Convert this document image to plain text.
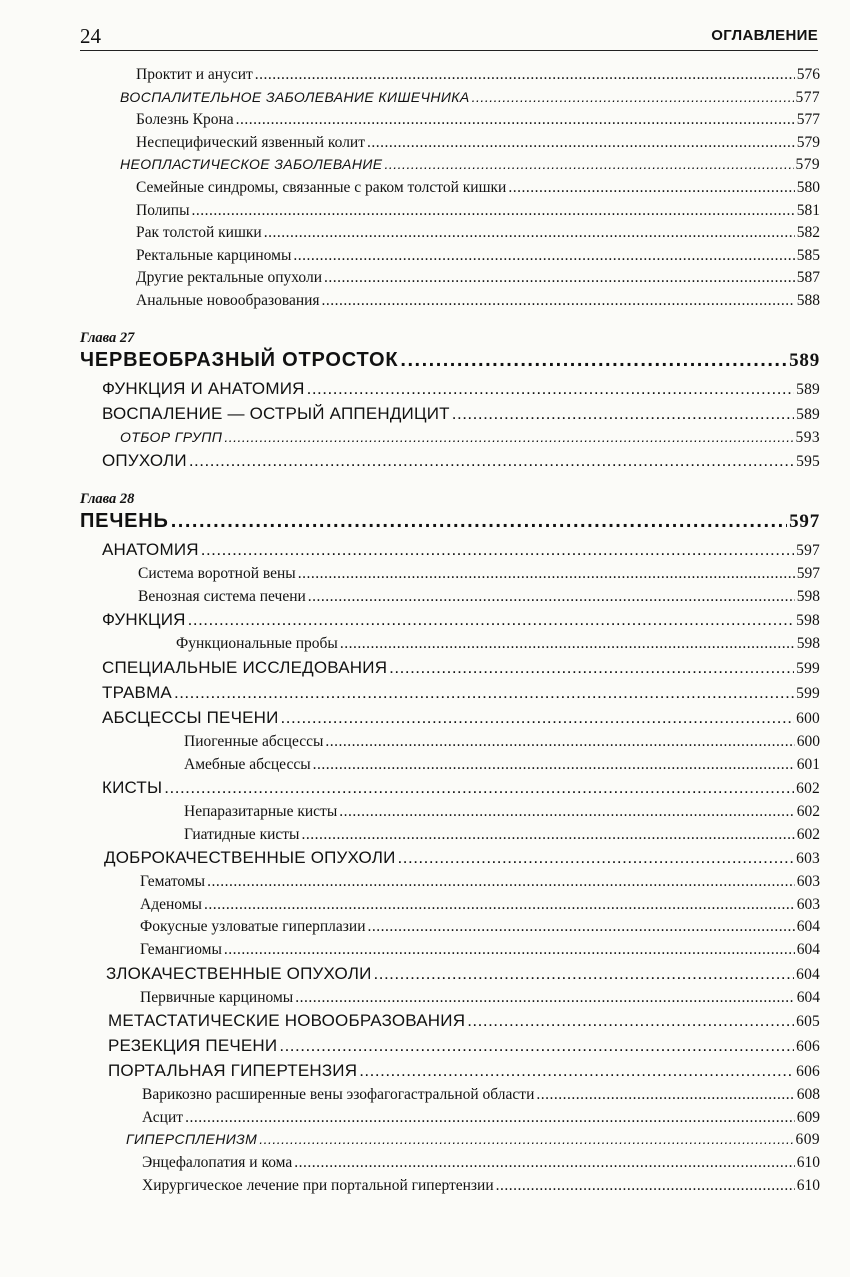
24	ОГЛАВЛЕНИЕ
Проктит и анусит .....	576
ВОСПАЛИТЕЛЬНОЕ ЗАБОЛЕВАНИЕ КИШЕЧНИКА .....	577
Болезнь Крона .....	577
Неспецифический язвенный колит .....	579
НЕОПЛАСТИЧЕСКОЕ ЗАБОЛЕВАНИЕ .....	579
Семейные синдромы, связанные с раком толстой кишки .....	580
Полипы .....	581
Рак толстой кишки .....	582
Ректальные карциномы .....	585
Другие ректальные опухоли .....	587
Анальные новообразования .....	588
Глава 27
ЧЕРВЕОБРАЗНЫЙ ОТРОСТОК .....	589
ФУНКЦИЯ И АНАТОМИЯ .....	589
ВОСПАЛЕНИЕ — ОСТРЫЙ АППЕНДИЦИТ .....	589
ОТБОР ГРУПП .....	593
ОПУХОЛИ .....	595
Глава 28
ПЕЧЕНЬ .....	597
АНАТОМИЯ .....	597
Система воротной вены .....	597
Венозная система печени .....	598
ФУНКЦИЯ .....	598
Функциональные пробы .....	598
СПЕЦИАЛЬНЫЕ ИССЛЕДОВАНИЯ .....	599
ТРАВМА .....	599
АБСЦЕССЫ ПЕЧЕНИ .....	600
Пиогенные абсцессы .....	600
Амебные абсцессы .....	601
КИСТЫ .....	602
Непаразитарные кисты .....	602
Гиатидные кисты .....	602
ДОБРОКАЧЕСТВЕННЫЕ ОПУХОЛИ .....	603
Гематомы .....	603
Аденомы .....	603
Фокусные узловатые гиперплазии .....	604
Гемангиомы .....	604
ЗЛОКАЧЕСТВЕННЫЕ ОПУХОЛИ .....	604
Первичные карциномы .....	604
МЕТАСТАТИЧЕСКИЕ НОВООБРАЗОВАНИЯ .....	605
РЕЗЕКЦИЯ ПЕЧЕНИ .....	606
ПОРТАЛЬНАЯ ГИПЕРТЕНЗИЯ .....	606
Варикозно расширенные вены эзофагогастральной области .....	608
Асцит .....	609
ГИПЕРСПЛЕНИЗМ .....	609
Энцефалопатия и кома .....	610
Хирургическое лечение при портальной гипертензии .....	610
